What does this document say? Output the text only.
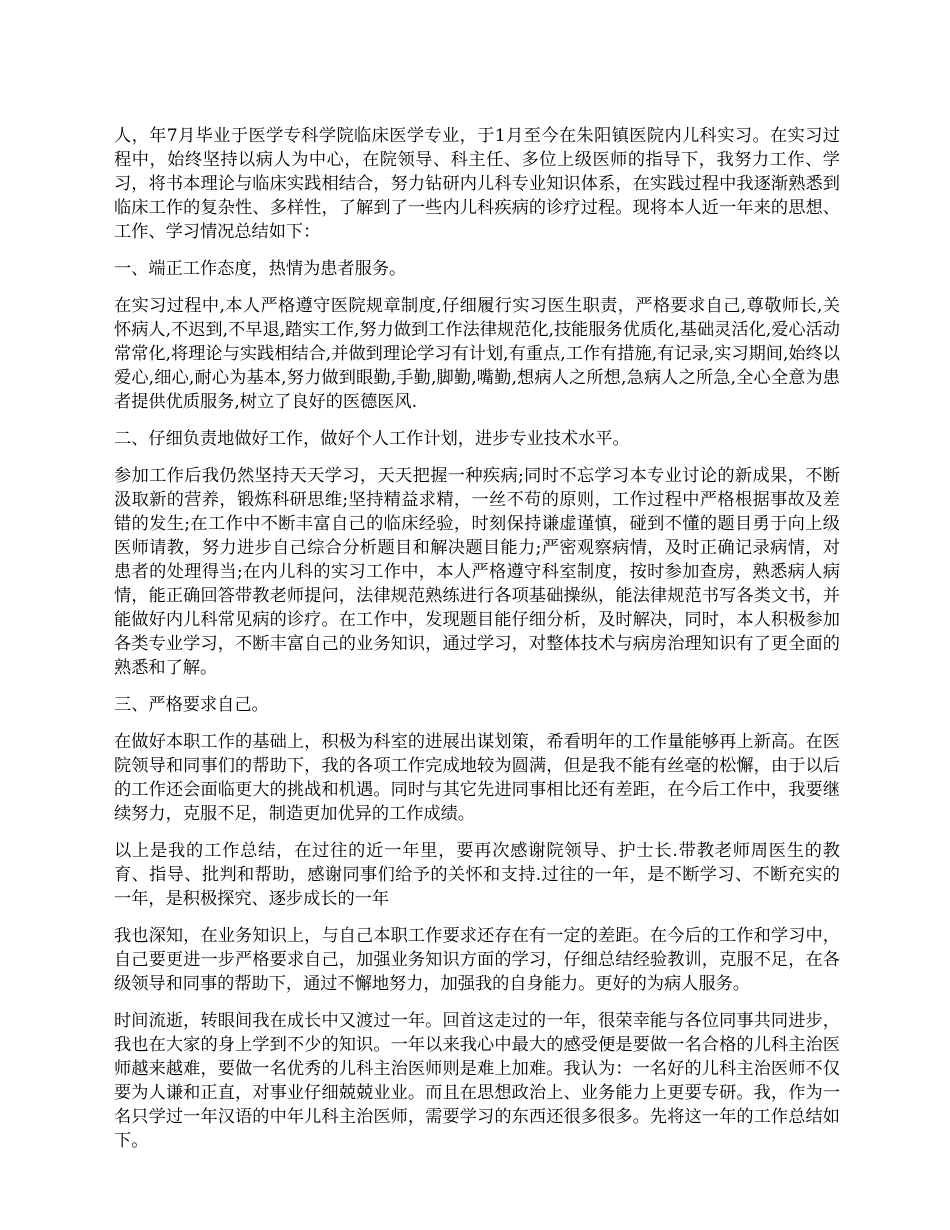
人，年7月毕业于医学专科学院临床医学专业，于1月至今在朱阳镇医院内儿科实习。在实习过程中，始终坚持以病人为中心，在院领导、科主任、多位上级医师的指导下，我努力工作、学习，将书本理论与临床实践相结合，努力钻研内儿科专业知识体系，在实践过程中我逐渐熟悉到临床工作的复杂性、多样性，了解到了一些内儿科疾病的诊疗过程。现将本人近一年来的思想、工作、学习情况总结如下：

一、端正工作态度，热情为患者服务。

在实习过程中,本人严格遵守医院规章制度,仔细履行实习医生职责，严格要求自己,尊敬师长,关怀病人,不迟到,不早退,踏实工作,努力做到工作法律规范化,技能服务优质化,基础灵活化,爱心活动常常化,将理论与实践相结合,并做到理论学习有计划,有重点,工作有措施,有记录,实习期间,始终以爱心,细心,耐心为基本,努力做到眼勤,手勤,脚勤,嘴勤,想病人之所想,急病人之所急,全心全意为患者提供优质服务,树立了良好的医德医风.

二、仔细负责地做好工作，做好个人工作计划，进步专业技术水平。

参加工作后我仍然坚持天天学习，天天把握一种疾病;同时不忘学习本专业讨论的新成果，不断汲取新的营养，锻炼科研思维;坚持精益求精，一丝不苟的原则，工作过程中严格根据事故及差错的发生;在工作中不断丰富自己的临床经验，时刻保持谦虚谨慎，碰到不懂的题目勇于向上级医师请教，努力进步自己综合分析题目和解决题目能力;严密观察病情，及时正确记录病情，对患者的处理得当;在内儿科的实习工作中，本人严格遵守科室制度，按时参加查房，熟悉病人病情，能正确回答带教老师提问，法律规范熟练进行各项基础操纵，能法律规范书写各类文书，并能做好内儿科常见病的诊疗。在工作中，发现题目能仔细分析，及时解决，同时，本人积极参加各类专业学习，不断丰富自己的业务知识，通过学习，对整体技术与病房治理知识有了更全面的熟悉和了解。

三、严格要求自己。

在做好本职工作的基础上，积极为科室的进展出谋划策，希看明年的工作量能够再上新高。在医院领导和同事们的帮助下，我的各项工作完成地较为圆满，但是我不能有丝毫的松懈，由于以后的工作还会面临更大的挑战和机遇。同时与其它先进同事相比还有差距，在今后工作中，我要继续努力，克服不足，制造更加优异的工作成绩。

以上是我的工作总结，在过往的近一年里，要再次感谢院领导、护士长.带教老师周医生的教育、指导、批判和帮助，感谢同事们给予的关怀和支持.过往的一年，是不断学习、不断充实的一年，是积极探究、逐步成长的一年

我也深知，在业务知识上，与自己本职工作要求还存在有一定的差距。在今后的工作和学习中，自己要更进一步严格要求自己，加强业务知识方面的学习，仔细总结经验教训，克服不足，在各级领导和同事的帮助下，通过不懈地努力，加强我的自身能力。更好的为病人服务。

时间流逝，转眼间我在成长中又渡过一年。回首这走过的一年，很荣幸能与各位同事共同进步，我也在大家的身上学到不少的知识。一年以来我心中最大的感受便是要做一名合格的儿科主治医师越来越难，要做一名优秀的儿科主治医师则是难上加难。我认为：一名好的儿科主治医师不仅要为人谦和正直，对事业仔细兢兢业业。而且在思想政治上、业务能力上更要专研。我，作为一名只学过一年汉语的中年儿科主治医师，需要学习的东西还很多很多。先将这一年的工作总结如下。
